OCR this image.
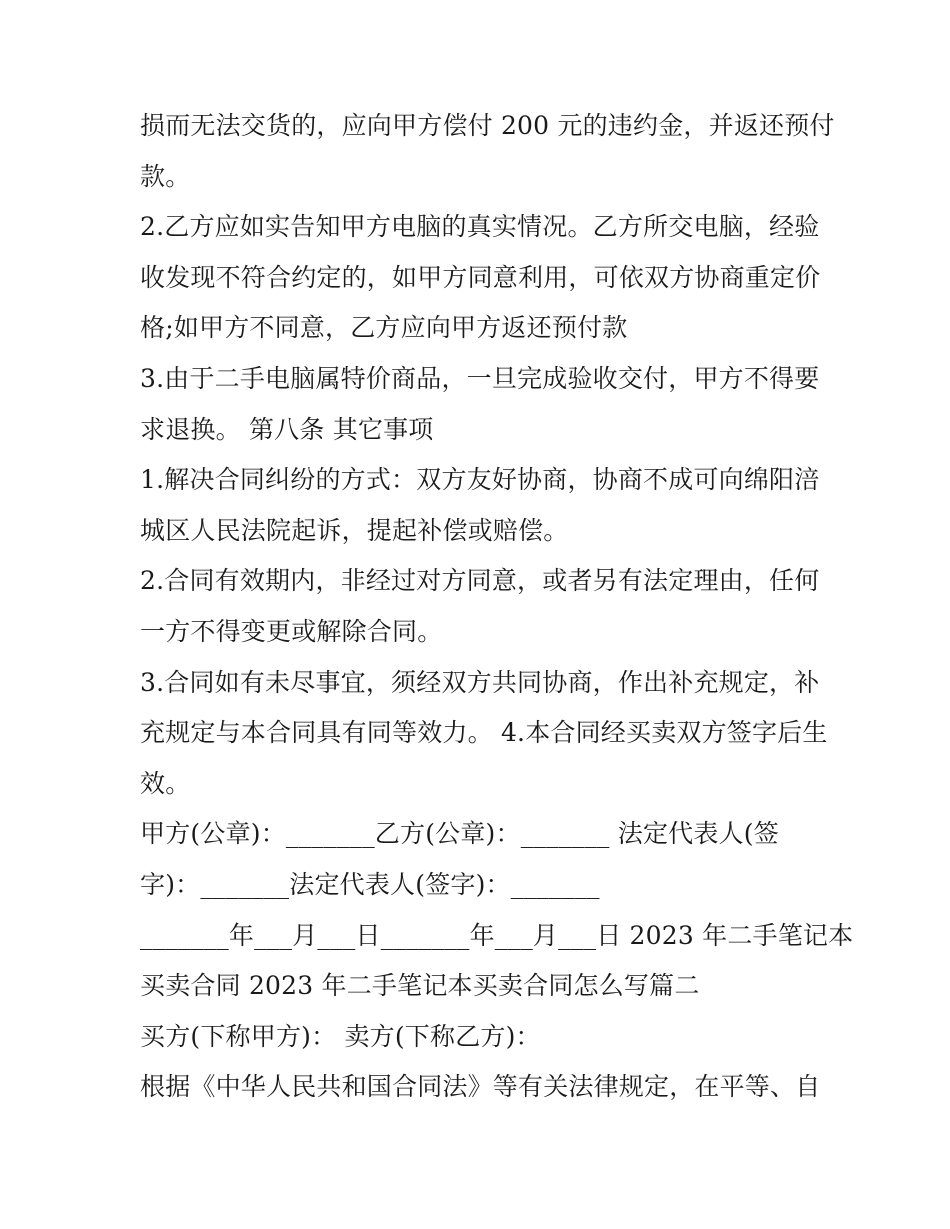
损而无法交货的，应向甲方偿付 200 元的违约金，并返还预付
款。
2.乙方应如实告知甲方电脑的真实情况。乙方所交电脑，经验
收发现不符合约定的，如甲方同意利用，可依双方协商重定价
格;如甲方不同意，乙方应向甲方返还预付款
3.由于二手电脑属特价商品，一旦完成验收交付，甲方不得要
求退换。 第八条 其它事项
1.解决合同纠纷的方式：双方友好协商，协商不成可向绵阳涪
城区人民法院起诉，提起补偿或赔偿。
2.合同有效期内，非经过对方同意，或者另有法定理由，任何
一方不得变更或解除合同。
3.合同如有未尽事宜，须经双方共同协商，作出补充规定，补
充规定与本合同具有同等效力。 4.本合同经买卖双方签字后生
效。
甲方(公章)：_______乙方(公章)：_______ 法定代表人(签
字)：_______法定代表人(签字)：_______
_______年___月___日_______年___月___日 2023 年二手笔记本
买卖合同 2023 年二手笔记本买卖合同怎么写篇二
买方(下称甲方)： 卖方(下称乙方)：
根据《中华人民共和国合同法》等有关法律规定，在平等、自
